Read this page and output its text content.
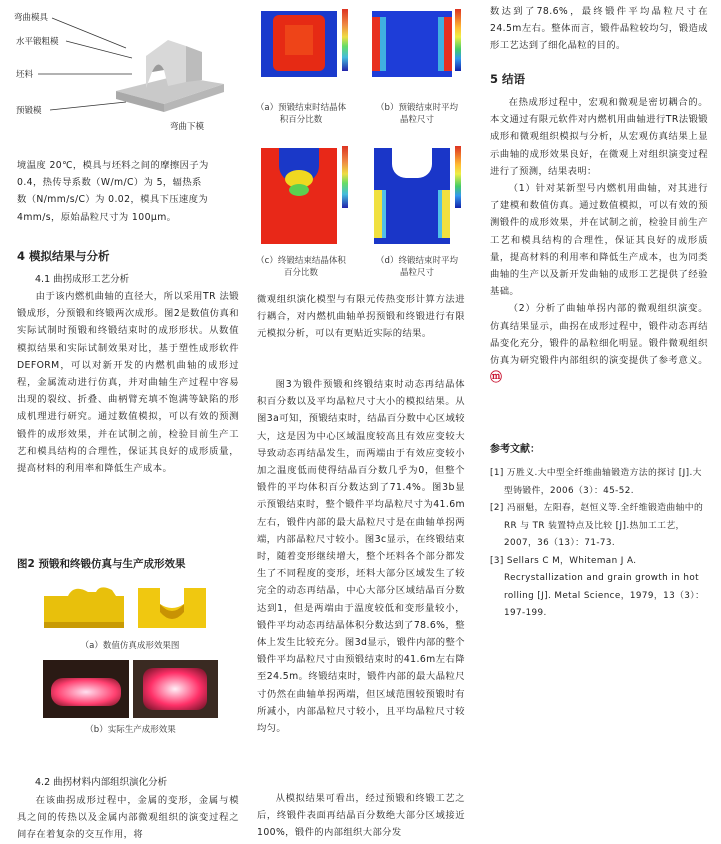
弯曲模具
水平锻粗模
坯料
预锻模
弯曲下模

境温度 20℃，模具与坯料之间的摩擦因子为

0.4，热传导系数（W/m/C）为 5，辐热系

数（N/mm/s/C）为 0.02，模具下压速度为

4mm/s，原始晶粒尺寸为 100μm。

4 模拟结果与分析
4.1 曲拐成形工艺分析
由于该内燃机曲轴的直径大，所以采用TR 法锻锻成形，分预锻和终锻两次成形。图2是数值仿真和实际试制时预锻和终锻结束时的成形形状。从数值模拟结果和实际试制效果对比，基于塑性成形软件 DEFORM，可以对新开发的内燃机曲轴的成形过程，金属流动进行仿真，并对曲轴生产过程中容易出现的裂纹、折叠、曲柄臂充填不饱满等缺陷的形成机理进行研究。通过数值模拟，可以有效的预测锻件的成形效果，并在试制之前，检验目前生产工艺和模具结构的合理性，保证其良好的成形质量，提高材料的利用率和降低生产成本。
图2 预锻和终锻仿真与生产成形效果
（a）数值仿真成形效果图
（b）实际生产成形效果
4.2 曲拐材料内部组织演化分析
在该曲拐成形过程中，金属的变形，金属与模具之间的传热以及金属内部微观组织的演变过程之间存在着复杂的交互作用，将
（a）预锻结束时结晶体积百分比数
（b）预锻结束时平均晶粒尺寸
（c）终锻结束结晶体积百分比数
（d）终锻结束时平均晶粒尺寸
微观组织演化模型与有限元传热变形计算方法进行耦合，对内燃机曲轴单拐预锻和终锻进行有限元模拟分析，可以有更贴近实际的结果。
图3为锻件预锻和终锻结束时动态再结晶体积百分数以及平均晶粒尺寸大小的模拟结果。从图3a可知，预锻结束时，结晶百分数中心区域较大，这是因为中心区域温度较高且有效应变较大导致动态再结晶发生，而两端由于有效应变较小加之温度低而使得结晶百分数几乎为0，但整个锻件的平均体积百分数达到了71.4%。图3b显示预锻结束时，整个锻件平均晶粒尺寸为41.6m左右，锻件内部的最大晶粒尺寸是在曲轴单拐两端，内部晶粒尺寸较小。图3c显示，在终锻结束时，随着变形继续增大，整个坯料各个部分都发生了不同程度的变形，坯料大部分区域发生了较完全的动态再结晶，中心大部分区域结晶百分数达到1，但是两端由于温度较低和变形量较小，锻件平均动态再结晶体积分数达到了78.6%，整体上发生比较充分。图3d显示，锻件内部的整个锻件平均晶粒尺寸由预锻结束时的41.6m左右降至24.5m。终锻结束时，锻件内部的最大晶粒尺寸仍然在曲轴单拐两端，但区域范围较预锻时有所减小，内部晶粒尺寸较小，且平均晶粒尺寸较均匀。
从模拟结果可看出，经过预锻和终锻工艺之后，终锻件表面再结晶百分数绝大部分区域接近100%，锻件的内部组织大部分发
数达到了78.6%，最终锻件平均晶粒尺寸在24.5m左右。整体而言，锻件晶粒较均匀，锻造成形工艺达到了细化晶粒的目的。
5 结语

在热成形过程中，宏观和微观是密切耦合的。本文通过有限元软件对内燃机用曲轴进行TR法锻锻成形和微观组织模拟与分析，从宏观仿真结果上显示曲轴的成形效果良好，在微观上对组织演变过程进行了预测，结果表明：

（1）针对某新型号内燃机用曲轴，对其进行了建模和数值仿真。通过数值模拟，可以有效的预测锻件的成形效果，并在试制之前，检验目前生产工艺和模具结构的合理性，保证其良好的成形质量，提高材料的利用率和降低生产成本，也为同类曲轴的生产以及新开发曲轴的成形工艺提供了经验基础。

（2）分析了曲轴单拐内部的微观组织演变。仿真结果显示，曲拐在成形过程中，锻件动态再结晶变化充分，锻件的晶粒细化明显。锻件微观组织仿真为研究锻件内部组织的演变提供了参考意义。ⓜ

参考文献：
[1] 万胜义.大中型全纤维曲轴锻造方法的探讨 [J].大型铸锻件，2006（3）：45-52.
[2] 冯丽魁，左阳春，赵恒义等.全纤维锻造曲轴中的 RR 与 TR 装置特点及比较 [J].热加工工艺，2007，36（13）：71-73.
[3] Sellars C M，Whiteman J A. Recrystallization and grain growth in hot rolling [J]. Metal Science，1979，13（3）：197-199.
